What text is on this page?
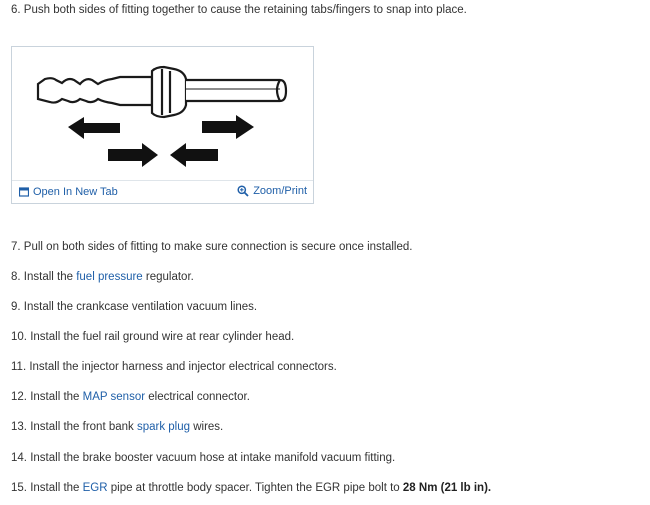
6. Push both sides of fitting together to cause the retaining tabs/fingers to snap into place.
Open In New Tab	Zoom/Print
7. Pull on both sides of fitting to make sure connection is secure once installed.
8. Install the fuel pressure regulator.
9. Install the crankcase ventilation vacuum lines.
10. Install the fuel rail ground wire at rear cylinder head.
11. Install the injector harness and injector electrical connectors.
12. Install the MAP sensor electrical connector.
13. Install the front bank spark plug wires.
14. Install the brake booster vacuum hose at intake manifold vacuum fitting.
15. Install the EGR pipe at throttle body spacer. Tighten the EGR pipe bolt to 28 Nm (21 lb in).
